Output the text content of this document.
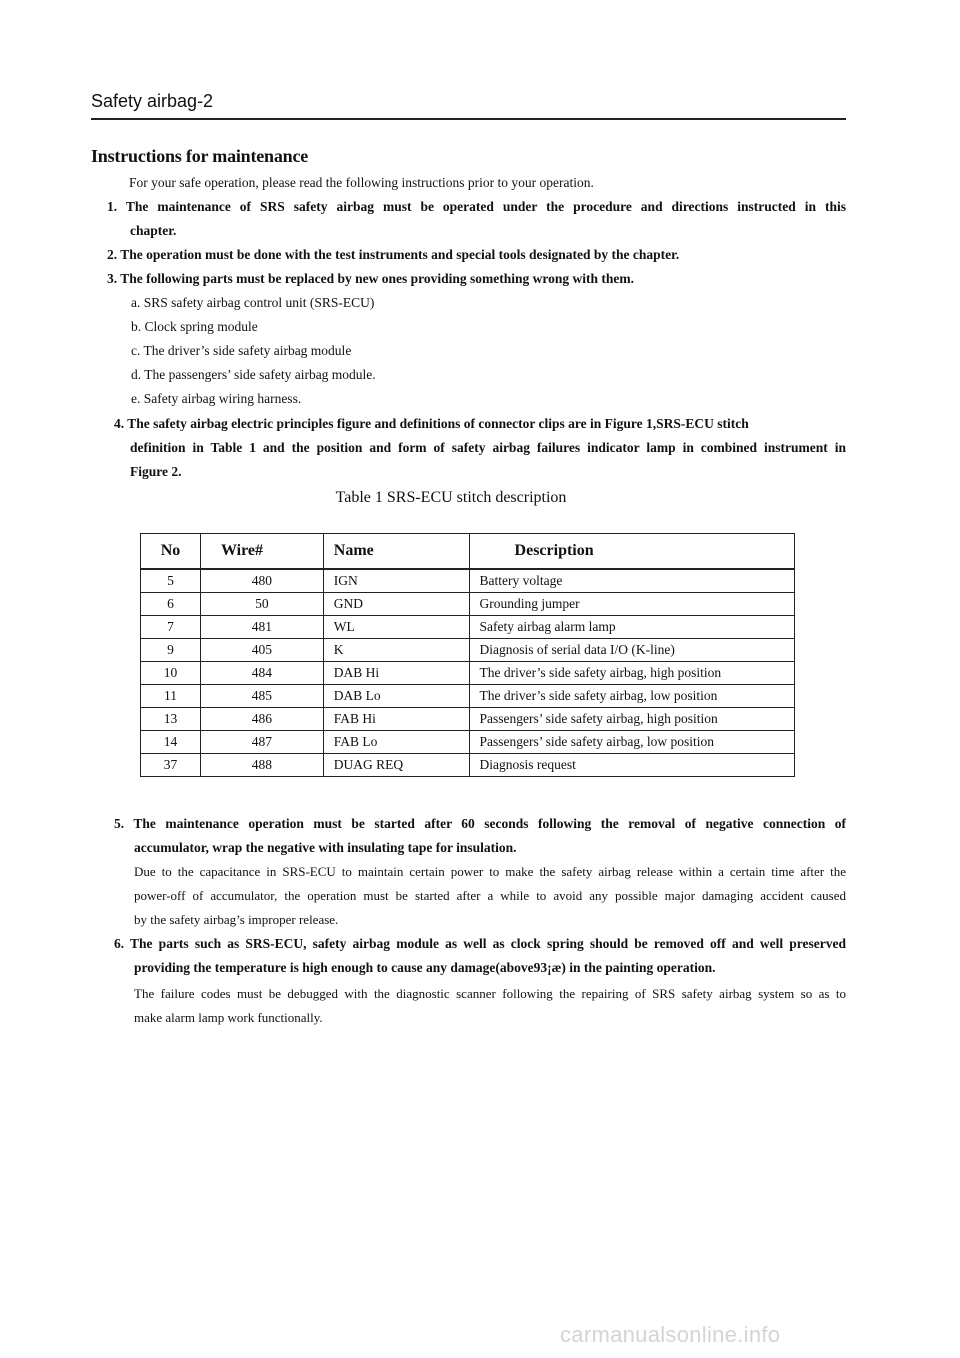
Safety airbag-2
Instructions for maintenance
For your safe operation, please read the following instructions prior to your operation.
1. The maintenance of SRS safety airbag must be operated under the procedure and directions instructed in this
chapter.
2. The operation must be done with the test instruments and special tools designated by the chapter.
3. The following parts must be replaced by new ones providing something wrong with them.
a. SRS safety airbag control unit (SRS-ECU)
b. Clock spring module
c. The driver’s side safety airbag module
d. The passengers’ side safety airbag module.
e. Safety airbag wiring harness.
4. The safety airbag electric principles figure and definitions of connector clips are in Figure 1,SRS-ECU stitch
definition in Table 1 and the position and form of safety airbag failures indicator lamp in combined instrument in
Figure 2.
Table 1 SRS-ECU stitch description
No	Wire#	Name	Description
5	480	IGN	Battery voltage
6	50	GND	Grounding jumper
7	481	WL	Safety airbag alarm lamp
9	405	K	Diagnosis of serial data I/O (K-line)
10	484	DAB Hi	The driver’s side safety airbag, high position
11	485	DAB Lo	The driver’s side safety airbag, low position
13	486	FAB Hi	Passengers’ side safety airbag, high position
14	487	FAB Lo	Passengers’ side safety airbag, low position
37	488	DUAG REQ	Diagnosis request
5. The maintenance operation must be started after 60 seconds following the removal of negative connection of
accumulator, wrap the negative with insulating tape for insulation.
Due to the capacitance in SRS-ECU to maintain certain power to make the safety airbag release within a certain time after the
power-off of accumulator, the operation must be started after a while to avoid any possible major damaging accident caused
by the safety airbag’s improper release.
6. The parts such as SRS-ECU, safety airbag module as well as clock spring should be removed off and well preserved
providing the temperature is high enough to cause any damage(above93¡æ) in the painting operation.
The failure codes must be debugged with the diagnostic scanner following the repairing of SRS safety airbag system so as to
make alarm lamp work functionally.
carmanualsonline.info
